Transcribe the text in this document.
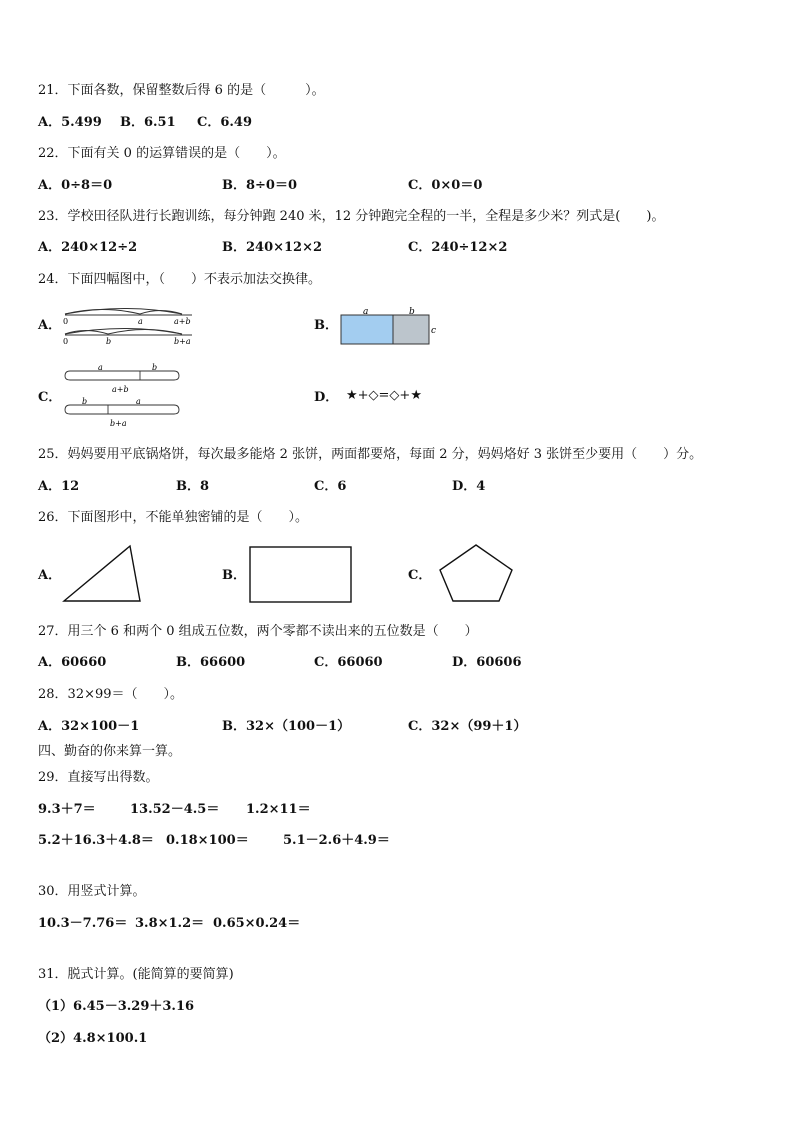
21．下面各数，保留整数后得 6 的是（　　　）。
A．5.499 B．6.51 C．6.49
22．下面有关 0 的运算错误的是（　　）。
A．0÷8＝0	B．8÷0＝0	C．0×0＝0
23．学校田径队进行长跑训练，每分钟跑 240 米，12 分钟跑完全程的一半，全程是多少米？列式是(　　)。
A．240×12÷2	B．240×12×2	C．240÷12×2
24．下面四幅图中，（　　）不表示加法交换律。
A． 0	a	a+b
0	b	b+a
B．
a	b
c
C．
a	b
a+b
b	a
b+a
D． ★+◇=◇+★
25．妈妈要用平底锅烙饼，每次最多能烙 2 张饼，两面都要烙，每面 2 分，妈妈烙好 3 张饼至少要用（　　）分。
A．12	B．8	C．6	D．4
26．下面图形中，不能单独密铺的是（　　）。
A．	B．	C．
27．用三个 6 和两个 0 组成五位数，两个零都不读出来的五位数是（　　）
A．60660	B．66600	C．66060	D．60606
28．32×99＝（　　）。
A．32×100－1	B．32×（100－1）	C．32×（99＋1）
四、勤奋的你来算一算。
29．直接写出得数。
9.3＋7＝	13.52－4.5＝ 1.2×11＝
5.2＋16.3＋4.8＝ 0.18×100＝	5.1－2.6＋4.9＝
30．用竖式计算。
10.3－7.76＝ 3.8×1.2＝ 0.65×0.24＝
31．脱式计算。(能简算的要简算)
（1）6.45－3.29＋3.16
（2）4.8×100.1
